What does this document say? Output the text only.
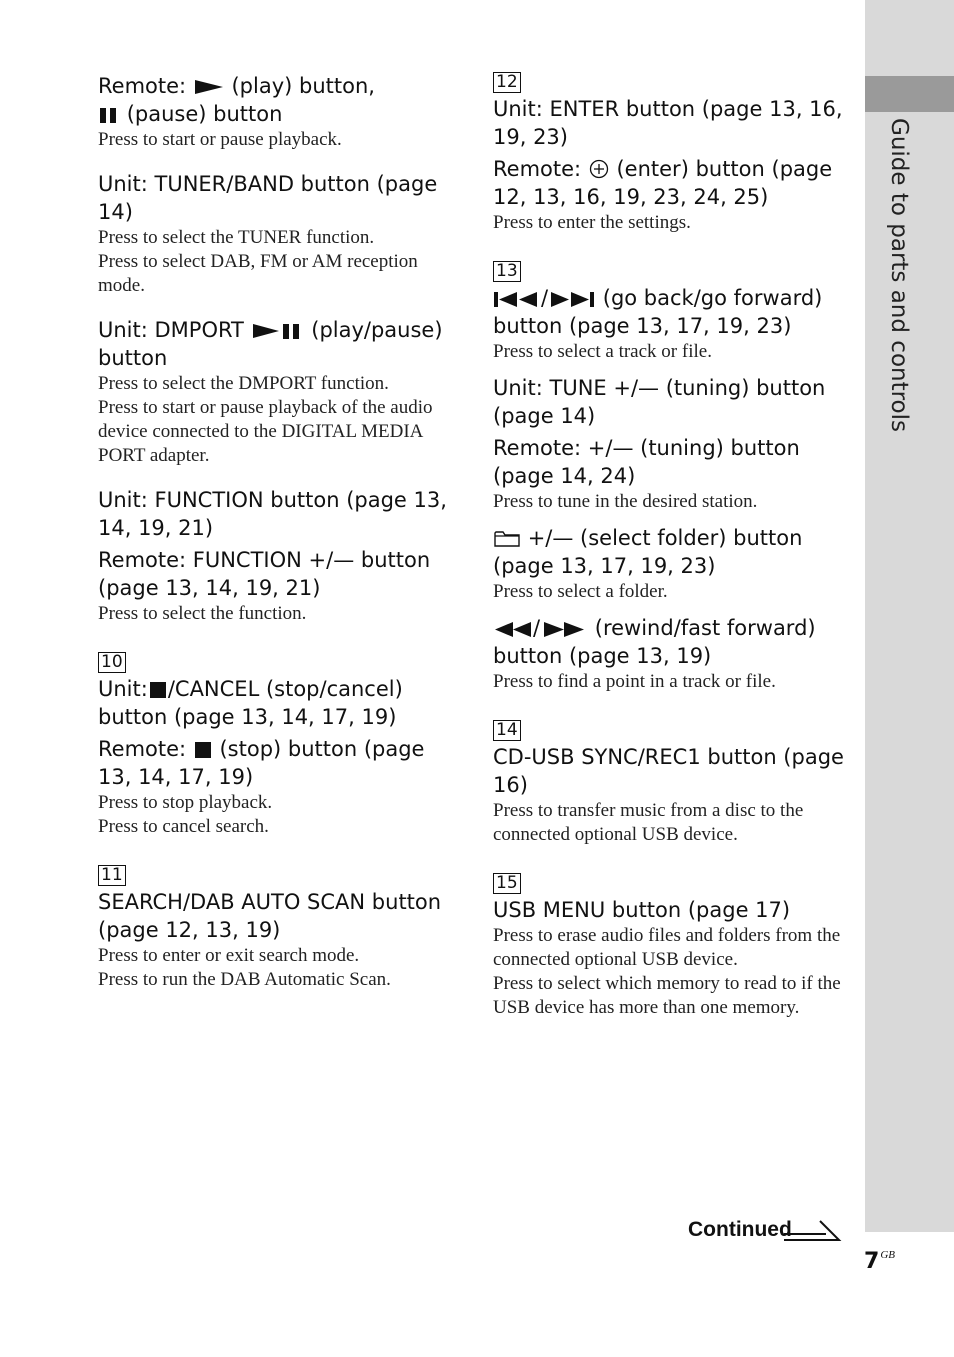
Guide to parts and controls

Remote: (play) button,

(pause) button

Press to start or pause playback.

Unit: TUNER/BAND button (page 14)

Press to select the TUNER function.

Press to select DAB, FM or AM reception mode.

Unit: DMPORT	(play/pause) button

Press to select the DMPORT function.

Press to start or pause playback of the audio device connected to the DIGITAL MEDIA PORT adapter.

Unit: FUNCTION button (page 13, 14, 19, 21)

Remote: FUNCTION +/— button (page 13, 14, 19, 21)

Press to select the function.

10

Unit: /CANCEL (stop/cancel) button (page 13, 14, 17, 19)

Remote: (stop) button (page 13, 14, 17, 19)

Press to stop playback.

Press to cancel search.

11

SEARCH/DAB AUTO SCAN button (page 12, 13, 19)

Press to enter or exit search mode.

Press to run the DAB Automatic Scan.

12

Unit: ENTER button (page 13, 16, 19, 23)

Remote: (enter) button (page 12, 13, 16, 19, 23, 24, 25)

Press to enter the settings.

13

/	(go back/go forward) button (page 13, 17, 19, 23)

Press to select a track or file.

Unit: TUNE +/— (tuning) button (page 14)

Remote: +/— (tuning) button (page 14, 24)

Press to tune in the desired station.

+/— (select folder) button (page 13, 17, 19, 23)

Press to select a folder.

/	(rewind/fast forward) button (page 13, 19)

Press to find a point in a track or file.

14

CD-USB SYNC/REC1 button (page 16)

Press to transfer music from a disc to the connected optional USB device.

15

USB MENU button (page 17)

Press to erase audio files and folders from the connected optional USB device.

Press to select which memory to read to if the USB device has more than one memory.

Continued
$7^{GB}$
